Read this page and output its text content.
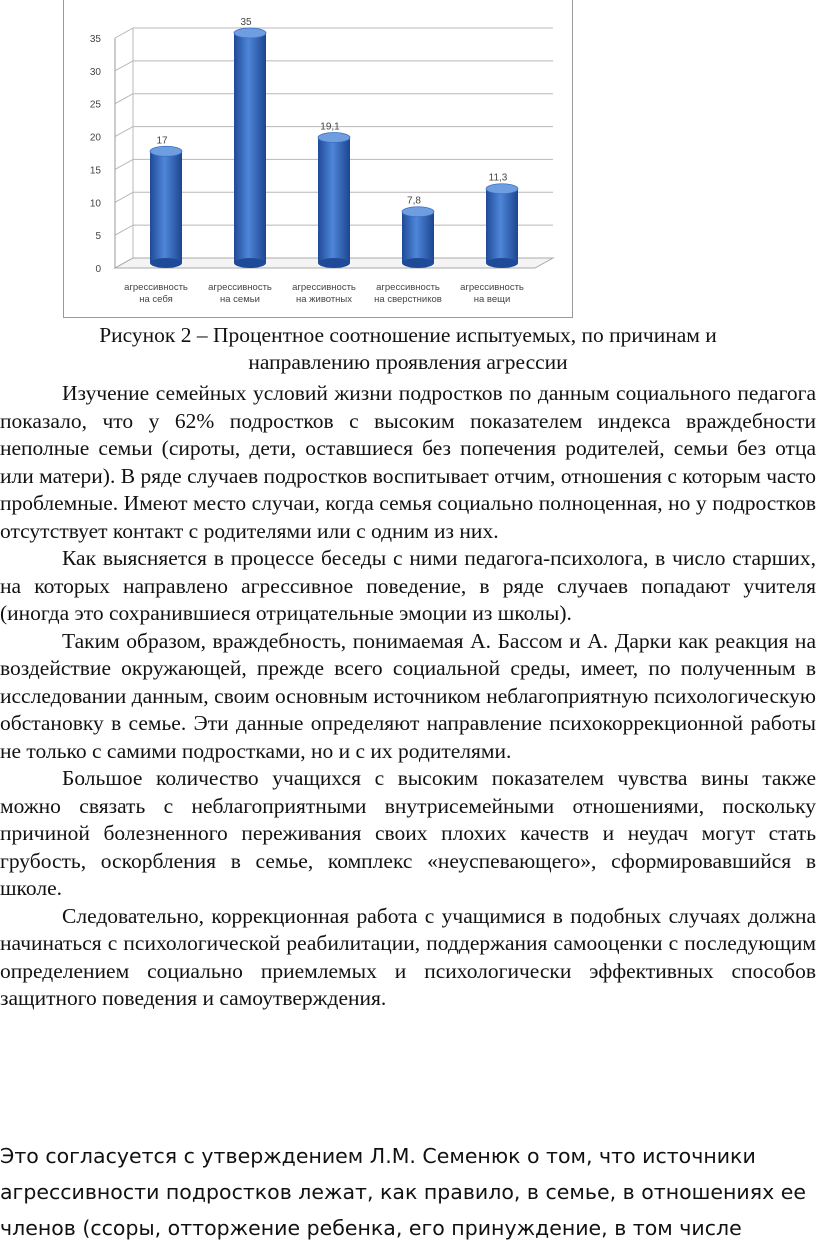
0
5
10
15
20
25
30
35
17
агрессивность
на себя
35
агрессивность
на семьи
19,1
агрессивность
на животных
7,8
агрессивность
на сверстников
11,3
агрессивность
на вещи
Рисунок 2 – Процентное соотношение испытуемых, по причинам и
направлению проявления агрессии

Изучение семейных условий жизни подростков по данным социального педагога показало, что у 62% подростков с высоким показателем индекса враждебности неполные семьи (сироты, дети, оставшиеся без попечения родителей, семьи без отца или матери). В ряде случаев подростков воспитывает отчим, отношения с которым часто проблемные. Имеют место случаи, когда семья социально полноценная, но у подростков отсутствует контакт с родителями или с одним из них.

Как выясняется в процессе беседы с ними педагога-психолога, в число старших, на которых направлено агрессивное поведение, в ряде случаев попадают учителя (иногда это сохранившиеся отрицательные эмоции из школы).

Таким образом, враждебность, понимаемая А. Бассом и А. Дарки как реакция на воздействие окружающей, прежде всего социальной среды, имеет, по полученным в исследовании данным, своим основным источником неблагоприятную психологическую обстановку в семье. Эти данные определяют направление психокоррекционной работы не только с самими подростками, но и с их родителями.

Большое количество учащихся с высоким показателем чувства вины также можно связать с неблагоприятными внутрисемейными отношениями, поскольку причиной болезненного переживания своих плохих качеств и неудач могут стать грубость, оскорбления в семье, комплекс «неуспевающего», сформировавшийся в школе.

Следовательно, коррекционная работа с учащимися в подобных случаях должна начинаться с психологической реабилитации, поддержания самооценки с последующим определением социально приемлемых и психологически эффективных способов защитного поведения и самоутверждения.

Это согласуется с утверждением Л.М. Семенюк о том, что источники
агрессивности подростков лежат, как правило, в семье, в отношениях ее
членов (ссоры, отторжение ребенка, его принуждение, в том числе
